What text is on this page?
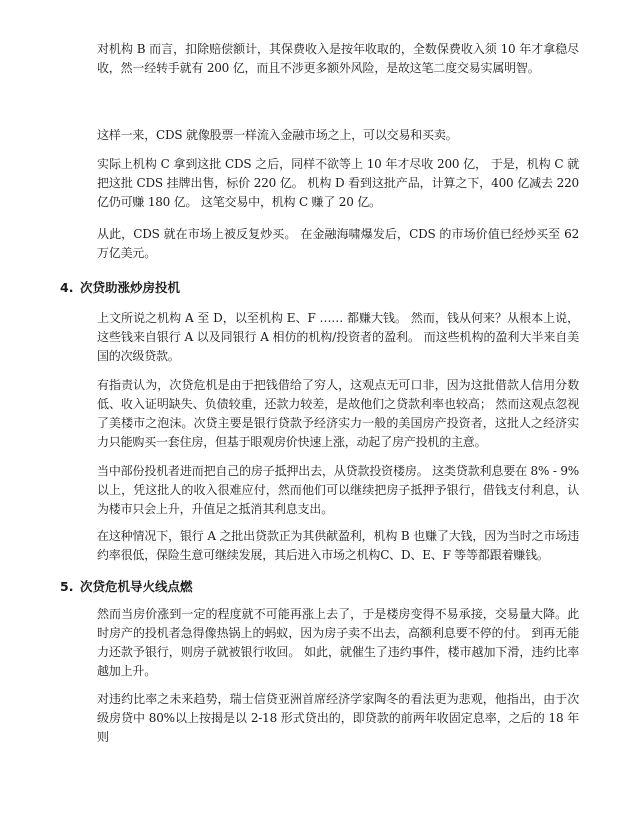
对机构 B 而言，扣除赔偿额计，其保费收入是按年收取的，全数保费收入须 10 年才拿稳尽收，然一经转手就有 200 亿，而且不涉更多额外风险，是故这笔二度交易实属明智。

这样一来，CDS 就像股票一样流入金融市场之上，可以交易和买卖。

实际上机构 C 拿到这批 CDS 之后，同样不欲等上 10 年才尽收 200 亿， 于是，机构 C 就把这批 CDS 挂牌出售，标价 220 亿。 机构 D 看到这批产品，计算之下，400 亿减去 220 亿仍可赚 180 亿。 这笔交易中，机构 C 赚了 20 亿。

从此，CDS 就在市场上被反复炒买。 在金融海啸爆发后，CDS 的市场价值已经炒买至 62 万亿美元。

4. 次贷助涨炒房投机

上文所说之机构 A 至 D，以至机构 E、F …… 都赚大钱。 然而，钱从何来？从根本上说，这些钱来自银行 A 以及同银行 A 相仿的机构/投资者的盈利。 而这些机构的盈利大半来自美国的次级贷款。

有指责认为，次贷危机是由于把钱借给了穷人，这观点无可口非，因为这批借款人信用分数低、收入证明缺失、负债较重，还款力较差，是故他们之贷款利率也较高； 然而这观点忽视了美楼市之泡沫。次贷主要是银行贷款予经济实力一般的美国房产投资者，这批人之经济实力只能购买一套住房，但基于眼观房价快速上涨，动起了房产投机的主意。

当中部份投机者进而把自己的房子抵押出去，从贷款投资楼房。 这类贷款利息要在 8% - 9%以上，凭这批人的收入很难应付，然而他们可以继续把房子抵押予银行，借钱支付利息，认为楼市只会上升，升值足之抵消其利息支出。

在这种情况下，银行 A 之批出贷款正为其供献盈利，机构 B 也赚了大钱，因为当时之市场违约率很低，保险生意可继续发展，其后进入市场之机构C、D、E、F 等等都跟着赚钱。

5. 次贷危机导火线点燃

然而当房价涨到一定的程度就不可能再涨上去了，于是楼房变得不易承接，交易量大降。此时房产的投机者急得像热锅上的蚂蚁，因为房子卖不出去，高额利息要不停的付。 到再无能力还款予银行，则房子就被银行收回。 如此，就催生了违约事件，楼市越加下滑，违约比率越加上升。

对违约比率之未来趋势，瑞士信贷亚洲首席经济学家陶冬的看法更为悲观，他指出，由于次级房贷中 80%以上按揭是以 2-18 形式贷出的，即贷款的前两年收固定息率，之后的 18 年则
